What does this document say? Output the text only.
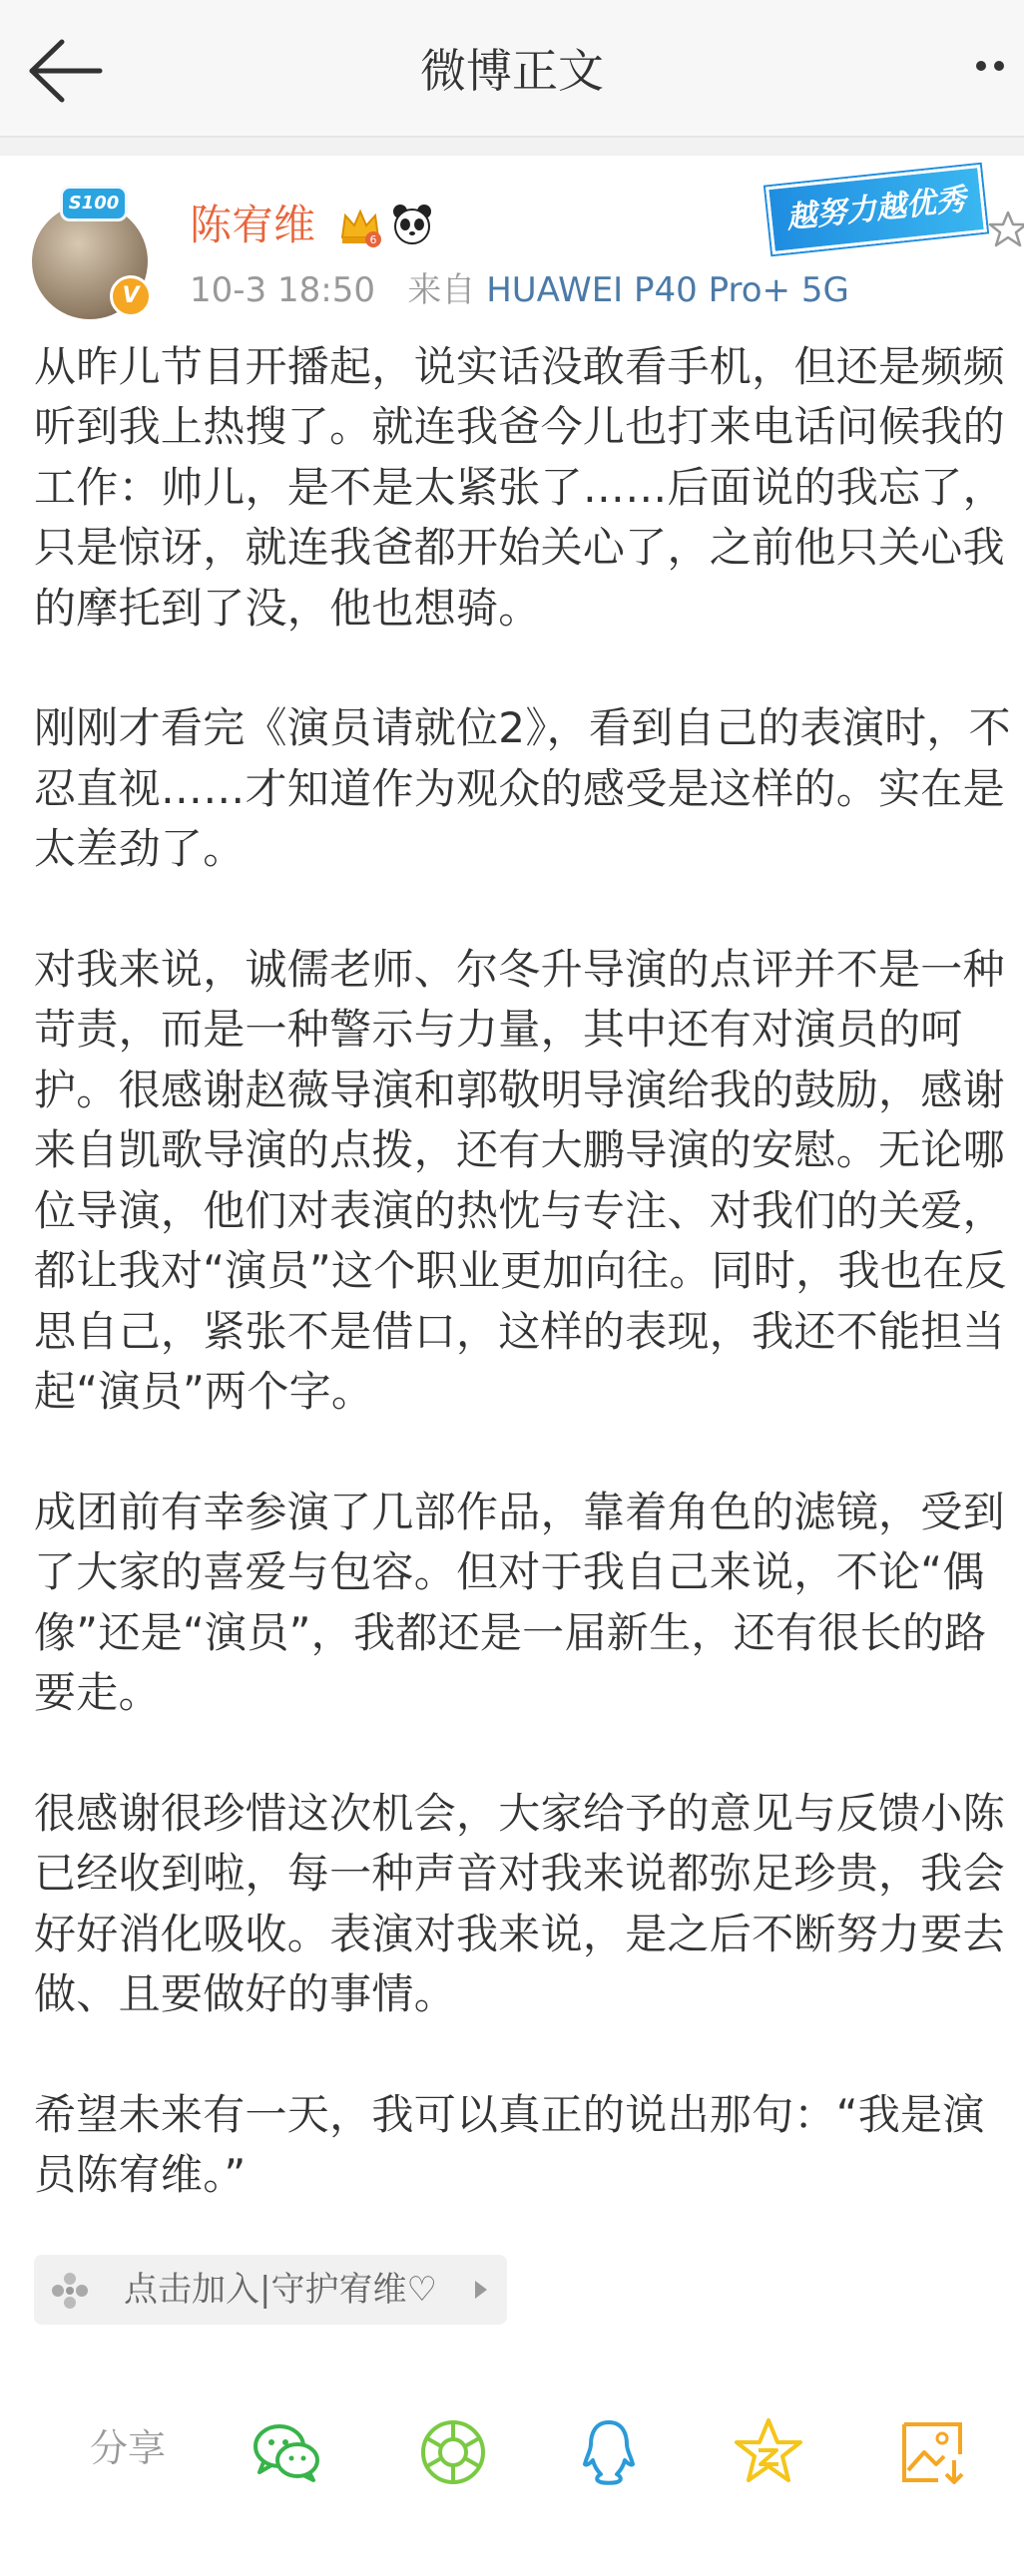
微博正文
S100
V
陈宥维	6
10-3 18:50 来自 HUAWEI P40 Pro+ 5G
越努力越优秀

从昨儿节目开播起，说实话没敢看手机，但还是频频听到我上热搜了。就连我爸今儿也打来电话问候我的工作：帅儿，是不是太紧张了……后面说的我忘了，只是惊讶，就连我爸都开始关心了，之前他只关心我的摩托到了没，他也想骑。

刚刚才看完《演员请就位2》，看到自己的表演时，不忍直视……才知道作为观众的感受是这样的。实在是太差劲了。

对我来说，诚儒老师、尔冬升导演的点评并不是一种苛责，而是一种警示与力量，其中还有对演员的呵护。很感谢赵薇导演和郭敬明导演给我的鼓励，感谢来自凯歌导演的点拨，还有大鹏导演的安慰。无论哪位导演，他们对表演的热忱与专注、对我们的关爱，都让我对“演员”这个职业更加向往。同时，我也在反思自己，紧张不是借口，这样的表现，我还不能担当起“演员”两个字。

成团前有幸参演了几部作品，靠着角色的滤镜，受到了大家的喜爱与包容。但对于我自己来说，不论“偶像”还是“演员”，我都还是一届新生，还有很长的路要走。

很感谢很珍惜这次机会，大家给予的意见与反馈小陈已经收到啦，每一种声音对我来说都弥足珍贵，我会好好消化吸收。表演对我来说，是之后不断努力要去做、且要做好的事情。

希望未来有一天，我可以真正的说出那句：“我是演员陈宥维。”

点击加入|守护宥维♡
分享
